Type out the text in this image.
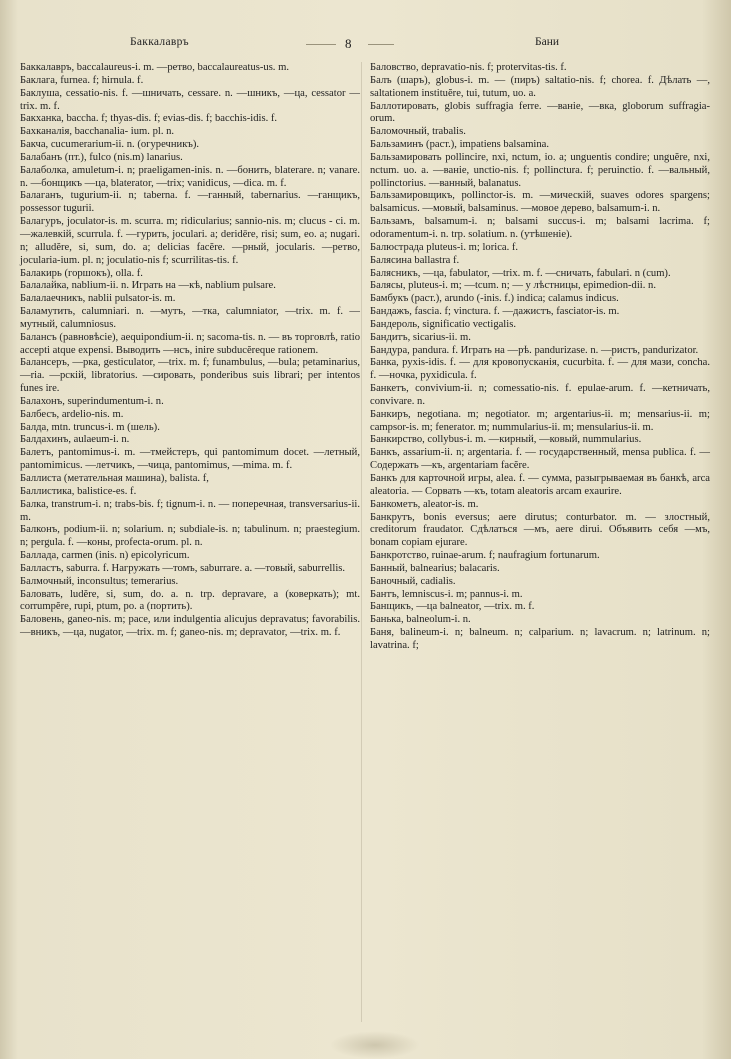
Баккалавръ	8	Бани

Баккалавръ, baccalaureus-i. m. —ретво, baccalaureatus-us. m.

Баклага, furnea. f; hirnula. f.

Баклуша, cessatio-nis. f. —шничать, cessare. n. —шникъ, —ца, cessator —trix. m. f.

Бакханка, baccha. f; thyas-dis. f; evias-dis. f; bacchis-idis. f.

Бахканалія, bacchanalia- ium. pl. n.

Бакча, cucumerarium-ii. n. (огуречникъ).

Балабанъ (пт.), fulco (nis.m) lanarius.

Балаболка, amuletum-i. n; praeligamen-inis. n. —бонить, blaterare. n; vanare. n. —бонщикъ —ца, blaterator, —trix; vanidicus, —dica. m. f.

Балаганъ, tugurium-ii. n; taberna. f. —ганный, tabernarius. —ганщикъ, possessor tugurii.

Балагуръ, joculator-is. m. scurra. m; ridicularius; sannio-nis. m; clucus - ci. m. —жалевкій, scurrula. f. —гурить, joculari. a; deridēre, risi; sum, eo. a; nugari. n; alludĕre, si, sum, do. a; delicias facĕre. —рный, jocularis. —ретво, jocularia-ium. pl. n; joculatio-nis f; scurrilitas-tis. f.

Балакирь (горшокъ), olla. f.

Балалайка, nablium-ii. n. Играть на —кѣ, nablium pulsare.

Балалаечникъ, nablii pulsator-is. m.

Баламутить, calumniari. n. —мутъ, —тка, calumniator, —trix. m. f. —мутный, calumniosus.

Балансъ (равновѣсіе), aequipondium-ii. n; sacoma-tis. n. — въ торговлѣ, ratio accepti atque expensi. Выводить —нсъ, inire subducĕreque rationem.

Балансеръ, —рка, gesticulator, —trix. m. f; funambulus, —bula; petaminarius, —ria. —рскій, libratorius. —сировать, ponderibus suis librari; per intentos funes ire.

Балахонъ, superindumentum-i. n.

Балбесъ, ardelio-nis. m.

Балда, mtn. truncus-i. m (шель).

Балдахинъ, aulaeum-i. n.

Балетъ, pantomimus-i. m. —тмейстеръ, qui pantomimum docet. —летный, pantomimicus. —летчикъ, —чица, pantomimus, —mima. m. f.

Баллиста (метательная машина), balista. f,

Баллистика, balistice-es. f.

Балка, transtrum-i. n; trabs-bis. f; tignum-i. n. — поперечная, transversarius-ii. m.

Балконъ, podium-ii. n; solarium. n; subdiale-is. n; tabulinum. n; praestegium. n; pergula. f. —коны, profecta-orum. pl. n.

Баллада, carmen (inis. n) epicolyricum.

Балластъ, saburra. f. Нагружать —томъ, saburrare. a. —товый, saburrellis.

Балмочный, inconsultus; temerarius.

Баловать, ludĕre, si, sum, do. a. n. trp. depravare, a (коверкать); mt. corrumpĕre, rupi, ptum, po. a (портить).

Баловень, ganeo-nis. m; pace, или indulgentia alicujus depravatus; favorabilis. —вникъ, —ца, nugator, —trix. m. f; ganeo-nis. m; depravator, —trix. m. f.

Баловство, depravatio-nis. f; protervitas-tis. f.

Балъ (шаръ), globus-i. m. — (пиръ) saltatio-nis. f; chorea. f. Дѣлать —, saltationem instituĕre, tui, tutum, uo. a.

Баллотировать, globis suffragia ferre. —ваніе, —вка, globorum suffragia-orum.

Баломочный, trabalis.

Бальзаминъ (раст.), impatiens balsamina.

Бальзамировать pollincire, nxi, nctum, io. a; unguentis condire; unguĕre, nxi, nctum. uo. a. —ваніе, unctio-nis. f; pollinctura. f; peruinctio. f. —вальный, pollinctorius. —ванный, balanatus.

Бальзамировщикъ, pollinctor-is. m. —мическій, suaves odores spargens; balsamicus. —мовый, balsaminus. —мовое дерево, balsamum-i. n.

Бальзамъ, balsamum-i. n; balsami succus-i. m; balsami lacrima. f; odoramentum-i. n. trp. solatium. n. (утѣшеніе).

Балюстрада pluteus-i. m; lorica. f.

Балясина ballastra f.

Балясникъ, —ца, fabulator, —trix. m. f. —сничать, fabulari. n (cum).

Балясы, pluteus-i. m; —tcum. n; — у лѣстницы, epimedion-dii. n.

Бамбукъ (раст.), arundo (-inis. f.) indica; calamus indicus.

Бандажъ, fascia. f; vinctura. f. —дажистъ, fasciator-is. m.

Бандероль, significatio vectigalis.

Бандитъ, sicarius-ii. m.

Бандура, pandura. f. Играть на —рѣ. pandurizase. n. —ристъ, pandurizator.

Банка, pyxis-idis. f. — для кровопусканія, cucurbita. f. — для мази, concha. f. —ночка, pyxidicula. f.

Банкетъ, convivium-ii. n; comessatio-nis. f. epulae-arum. f. —кетничать, convivare. n.

Банкиръ, negotiana. m; negotiator. m; argentarius-ii. m; mensarius-ii. m; campsor-is. m; fenerator. m; nummularius-ii. m; mensularius-ii. m.

Банкирство, collybus-i. m. —кирный, —ковый, nummularius.

Банкъ, assarium-ii. n; argentaria. f. — государственный, mensa publica. f. — Содержать —къ, argentariam facĕre.

Банкъ для карточной игры, alea. f. — сумма, разыгрываемая въ банкѣ, arca aleatoria. — Сорвать —къ, totam aleatoris arcam exaurire.

Банкометъ, aleator-is. m.

Банкрутъ, bonis eversus; aere dirutus; conturbator. m. — злостный, creditorum fraudator. Сдѣлаться —мъ, aere dirui. Объявить себя —мъ, bonam copiam ejurare.

Банкротство, ruinae-arum. f; naufragium fortunarum.

Банный, balnearius; balacaris.

Баночный, cadialis.

Бантъ, lemniscus-i. m; pannus-i. m.

Банщикъ, —ца balneator, —trix. m. f.

Банька, balneolum-i. n.

Баня, balineum-i. n; balneum. n; calparium. n; lavacrum. n; latrinum. n; lavatrina. f;
